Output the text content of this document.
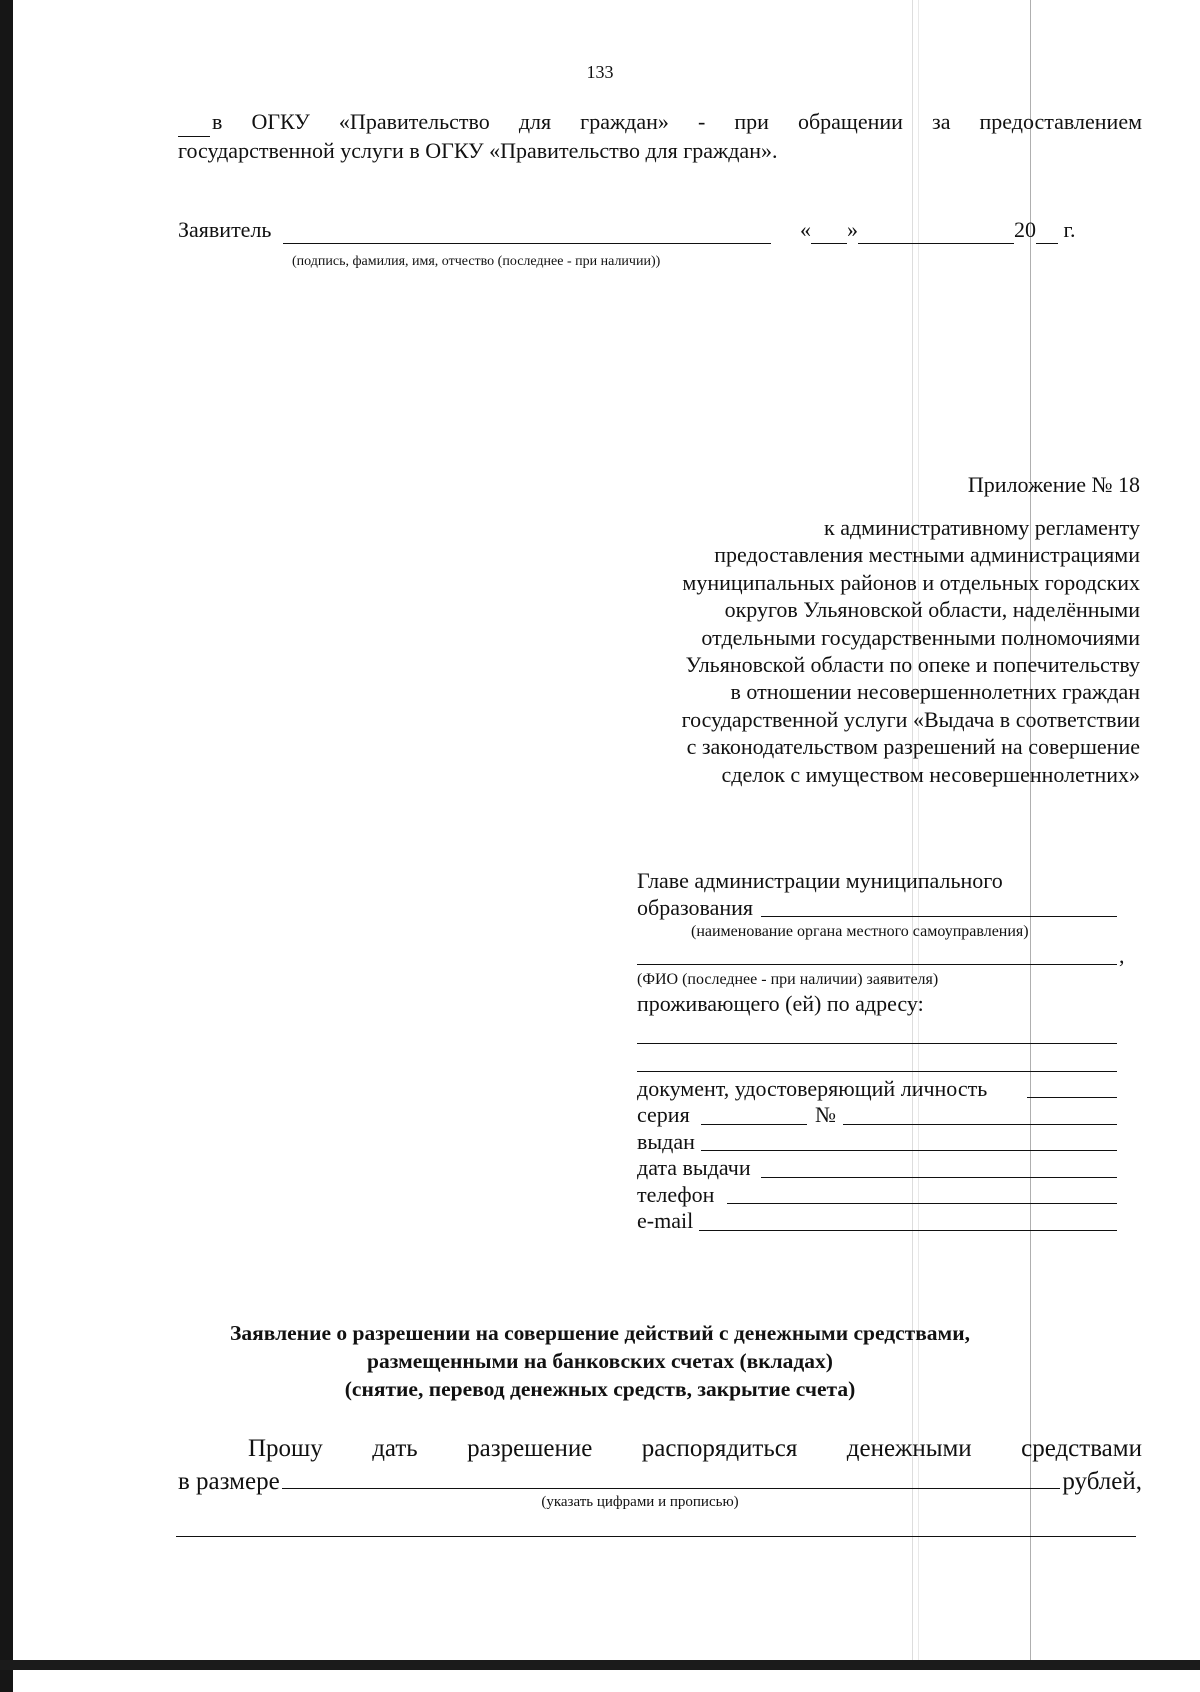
133
в ОГКУ «Правительство для граждан» - при обращении за предоставлением
государственной услуги в ОГКУ «Правительство для граждан».
Заявитель	« »	20 г.
(подпись, фамилия, имя, отчество (последнее - при наличии))
Приложение № 18
к административному регламенту
предоставления местными администрациями
муниципальных районов и отдельных городских
округов Ульяновской области, наделёнными
отдельными государственными полномочиями
Ульяновской области по опеке и попечительству
в отношении несовершеннолетних граждан
государственной услуги «Выдача в соответствии
с законодательством разрешений на совершение
сделок с имуществом несовершеннолетних»
Главе администрации муниципального
образования
(наименование органа местного самоуправления)
,
(ФИО (последнее - при наличии) заявителя)
проживающего (ей) по адресу:
документ, удостоверяющий личность
серия	№
выдан
дата выдачи
телефон
e-mail
Заявление о разрешении на совершение действий с денежными средствами,
размещенными на банковских счетах (вкладах)
(снятие, перевод денежных средств, закрытие счета)
Прошу дать разрешение распорядиться денежными средствами
в размере	рублей,
(указать цифрами и прописью)
